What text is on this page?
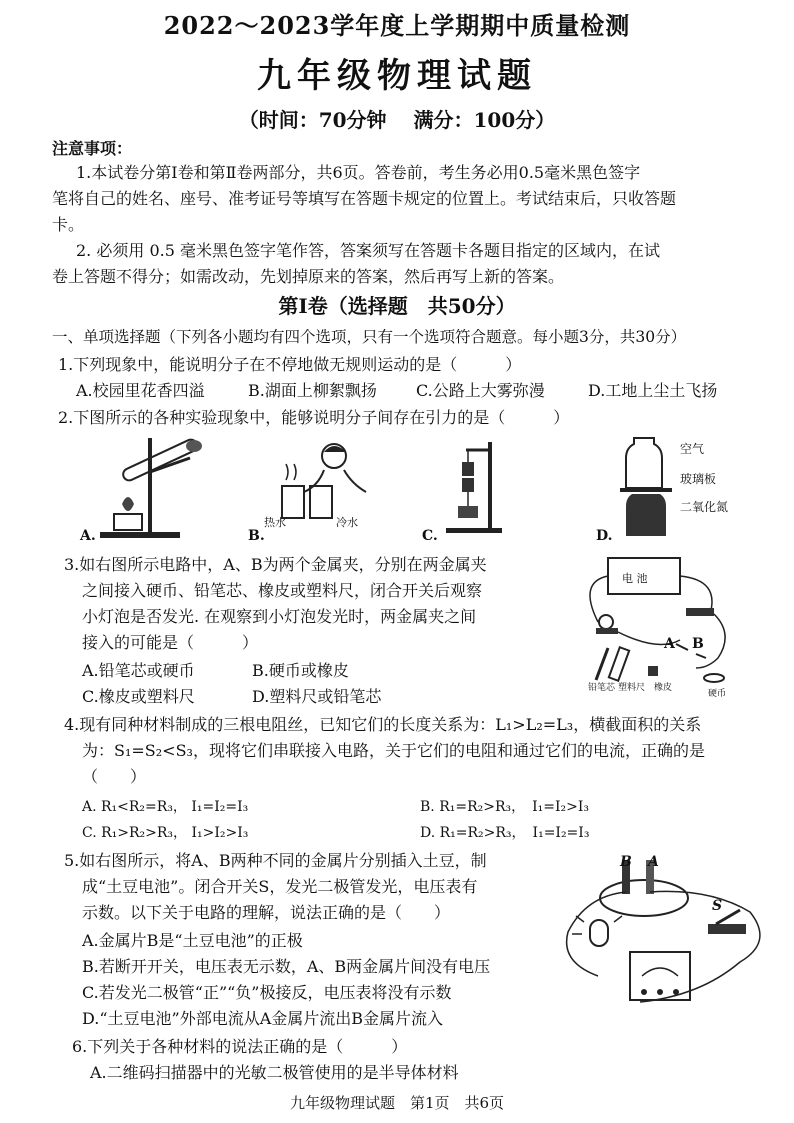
2022～2023学年度上学期期中质量检测
九年级物理试题
（时间：70分钟　 满分：100分）
注意事项：
1.本试卷分第Ⅰ卷和第Ⅱ卷两部分，共6页。答卷前，考生务必用0.5毫米黑色签字
笔将自己的姓名、座号、准考证号等填写在答题卡规定的位置上。考试结束后，只收答题
卡。
2. 必须用 0.5 毫米黑色签字笔作答，答案须写在答题卡各题目指定的区域内，在试
卷上答题不得分；如需改动，先划掉原来的答案，然后再写上新的答案。
第Ⅰ卷（选择题　共50分）
一、单项选择题（下列各小题均有四个选项，只有一个选项符合题意。每小题3分，共30分）
1.下列现象中，能说明分子在不停地做无规则运动的是（　　　）
A.校园里花香四溢	B.湖面上柳絮飘扬 C.公路上大雾弥漫	D.工地上尘土飞扬
2.下图所示的各种实验现象中，能够说明分子间存在引力的是（　　　）
A.
热水	冷水
B.	C.
空气
玻璃板
二氧化氮
D.
3.如右图所示电路中，A、B为两个金属夹，分别在两金属夹
之间接入硬币、铅笔芯、橡皮或塑料尺，闭合开关后观察
小灯泡是否发光. 在观察到小灯泡发光时，两金属夹之间
接入的可能是（　　　）
A.铅笔芯或硬币	B.硬币或橡皮
C.橡皮或塑料尺	D.塑料尺或铅笔芯
电 池
A B
铅笔芯 塑料尺 橡皮
硬币
4.现有同种材料制成的三根电阻丝，已知它们的长度关系为：L₁>L₂=L₃，横截面积的关系
为：S₁=S₂<S₃，现将它们串联接入电路，关于它们的电阻和通过它们的电流，正确的是
（　　）
A. R₁<R₂=R₃， I₁=I₂=I₃	B. R₁=R₂>R₃，　I₁=I₂>I₃
C. R₁>R₂>R₃， I₁>I₂>I₃	D. R₁=R₂>R₃，　I₁=I₂=I₃
5.如右图所示，将A、B两种不同的金属片分别插入土豆，制
成“土豆电池”。闭合开关S，发光二极管发光，电压表有
示数。以下关于电路的理解，说法正确的是（　　）
A.金属片B是“土豆电池”的正极
B.若断开开关，电压表无示数，A、B两金属片间没有电压
C.若发光二极管“正”“负”极接反，电压表将没有示数
D.“土豆电池”外部电流从A金属片流出B金属片流入
B A
S
6.下列关于各种材料的说法正确的是（　　　）
A.二维码扫描器中的光敏二极管使用的是半导体材料
九年级物理试题　第1页　共6页
